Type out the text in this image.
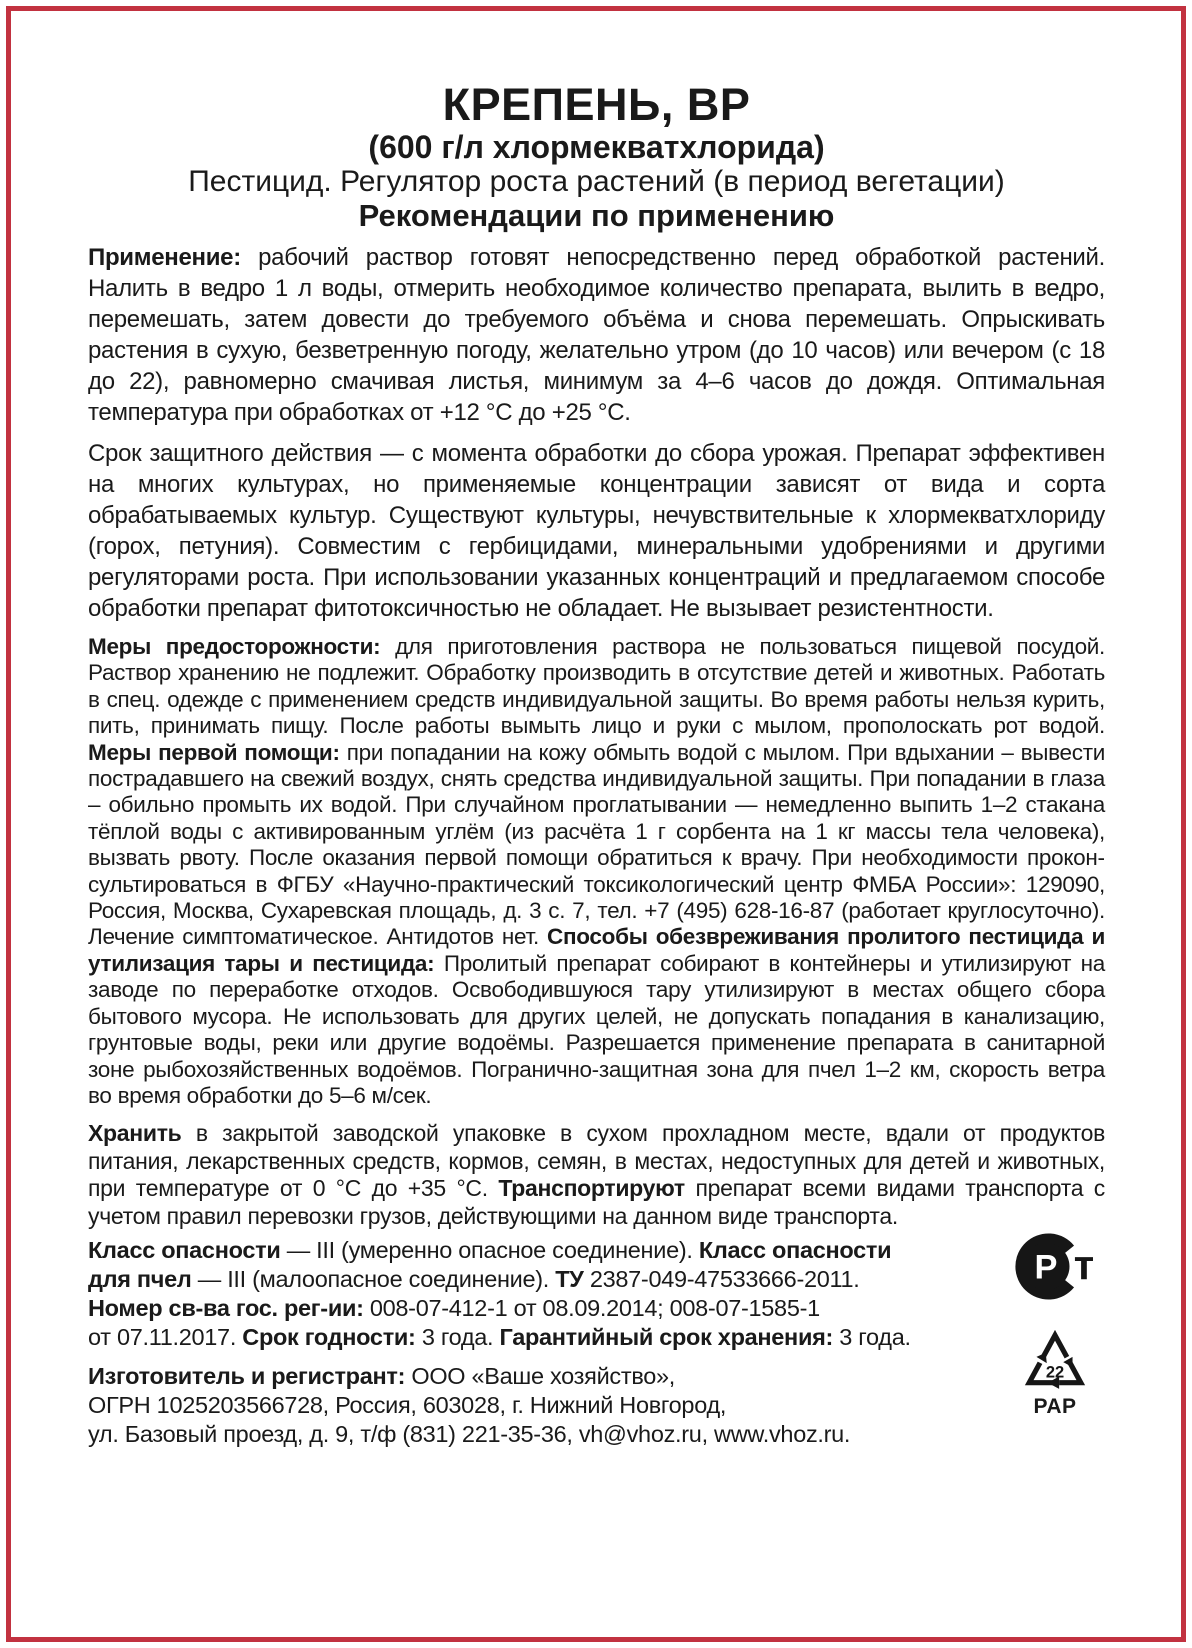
КРЕПЕНЬ, ВР
(600 г/л хлормекватхлорида)
Пестицид. Регулятор роста растений (в период вегетации)
Рекомендации по применению

Применение: рабочий раствор готовят непосредственно перед обработкой растений. Налить в ведро 1 л воды, отмерить необходимое количество препарата, вылить в ведро, перемешать, затем довести до требуемого объёма и снова перемешать. Опрыскивать растения в сухую, безветренную погоду, желательно утром (до 10 часов) или вечером (с 18 до 22), равномерно смачивая листья, минимум за 4–6 часов до дождя. Оптимальная температура при обработках от +12 °C до +25 °C.

Срок защитного действия — с момента обработки до сбора урожая. Препарат эффективен на многих культурах, но применяемые концентрации зависят от вида и сорта обрабатываемых культур. Существуют культуры, нечувствительные к хлормекватхлориду (горох, петуния). Совместим с гербицидами, минеральными удобрениями и другими регуляторами роста. При использовании указанных концентраций и предлагаемом способе обработки препарат фитотоксичностью не обладает. Не вызывает резистентности.

Меры предосторожности: для приготовления раствора не пользоваться пищевой посудой. Раствор хранению не подлежит. Обработку производить в отсутствие детей и животных. Работать в спец. одежде с применением средств индивидуальной защиты. Во время работы нельзя курить, пить, принимать пищу. После работы вымыть лицо и руки с мылом, прополоскать рот водой. Меры первой помощи: при попадании на кожу обмыть водой с мылом. При вдыхании – вывести пострадавшего на свежий воздух, снять средства индивидуальной защиты. При попадании в глаза – обильно промыть их водой. При случайном проглатывании — немедленно выпить 1–2 стакана тёплой воды с активированным углём (из расчёта 1 г сорбента на 1 кг массы тела человека), вызвать рвоту. После оказания первой помощи обратиться к врачу. При необходимости проконсультироваться в ФГБУ «Научно-практический токсикологический центр ФМБА России»: 129090, Россия, Москва, Сухаревская площадь, д. 3 с. 7, тел. +7 (495) 628-16-87 (работает круглосуточно). Лечение симптоматическое. Антидотов нет. Способы обезвреживания пролитого пестицида и утилизация тары и пестицида: Пролитый препарат собирают в контейнеры и утилизируют на заводе по переработке отходов. Освободившуюся тару утилизируют в местах общего сбора бытового мусора. Не использовать для других целей, не допускать попадания в канализацию, грунтовые воды, реки или другие водоёмы. Разрешается применение препарата в санитарной зоне рыбохозяйственных водоёмов. Погранично-защитная зона для пчел 1–2 км, скорость ветра во время обработки до 5–6 м/сек.

Хранить в закрытой заводской упаковке в сухом прохладном месте, вдали от продуктов питания, лекарственных средств, кормов, семян, в местах, недоступных для детей и животных, при температуре от 0 °C до +35 °C. Транспортируют препарат всеми видами транспорта с учетом правил перевозки грузов, действующими на данном виде транспорта.

Класс опасности — III (умеренно опасное соединение). Класс опасности
для пчел — III (малоопасное соединение). ТУ 2387-049-47533666-2011.
Номер св-ва гос. рег-ии: 008-07-412-1 от 08.09.2014; 008-07-1585-1
от 07.11.2017. Срок годности: 3 года. Гарантийный срок хранения: 3 года.
Изготовитель и регистрант: ООО «Ваше хозяйство»,
ОГРН 1025203566728, Россия, 603028, г. Нижний Новгород,
ул. Базовый проезд, д. 9, т/ф (831) 221-35-36, vh@vhoz.ru, www.vhoz.ru.
Р т
22
PAP
